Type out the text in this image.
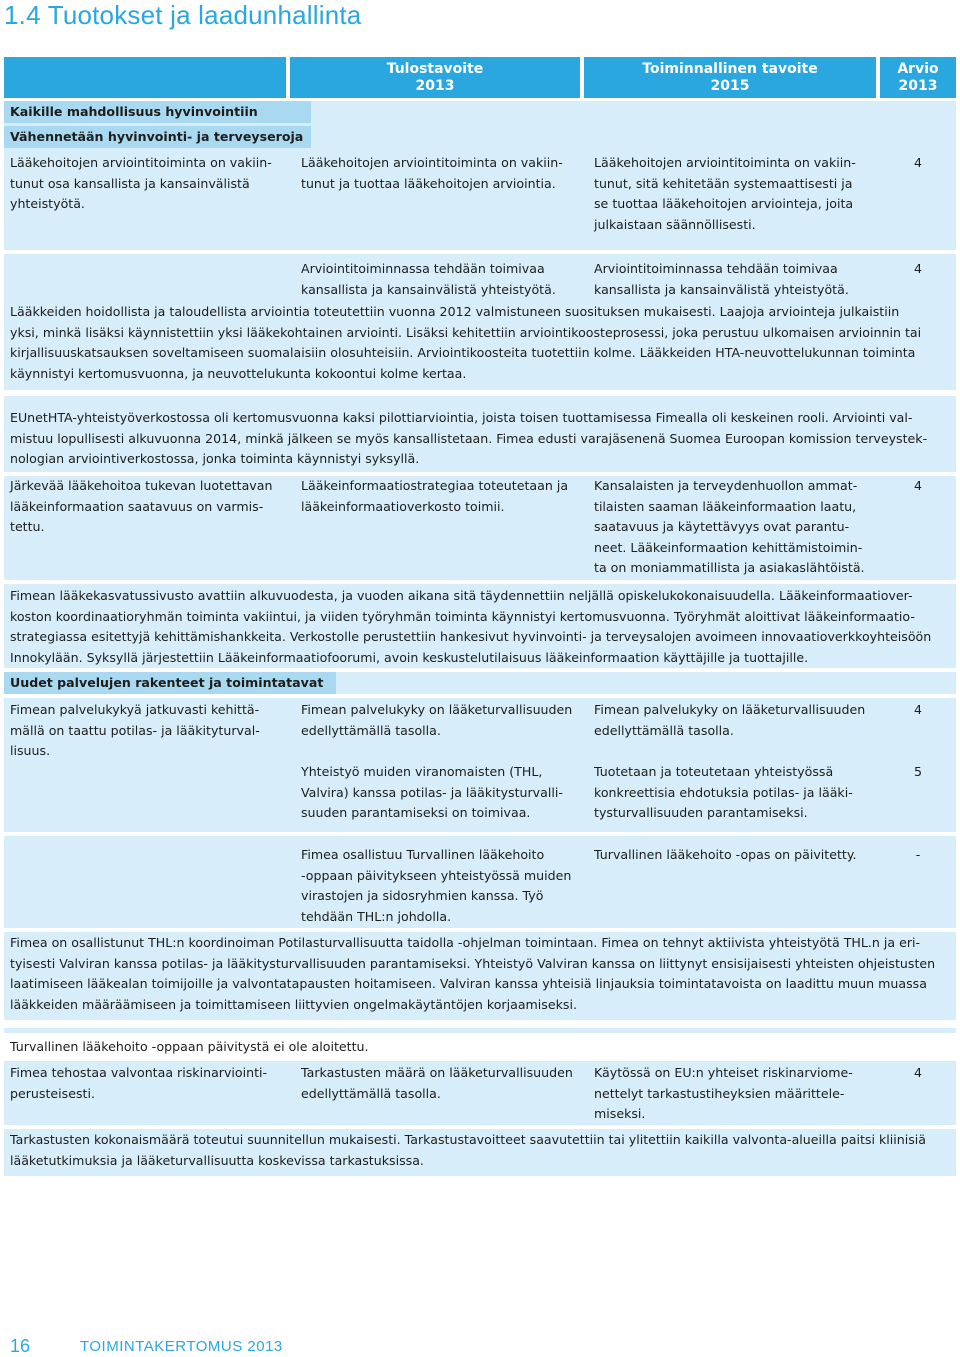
1.4 Tuotokset ja laadunhallinta
Tulostavoite
2013
Toiminnallinen tavoite
2015
Arvio
2013
Kaikille mahdollisuus hyvinvointiin
Vähennetään hyvinvointi- ja terveyseroja
Lääkehoitojen arviointitoiminta on vakiin-
tunut osa kansallista ja kansainvälistä
yhteistyötä.
Lääkehoitojen arviointitoiminta on vakiin-
tunut ja tuottaa lääkehoitojen arviointia.
Lääkehoitojen arviointitoiminta on vakiin-
tunut, sitä kehitetään systemaattisesti ja
se tuottaa lääkehoitojen arviointeja, joita
julkaistaan säännöllisesti.
4
Arviointitoiminnassa tehdään toimivaa
kansallista ja kansainvälistä yhteistyötä.
Arviointitoiminnassa tehdään toimivaa
kansallista ja kansainvälistä yhteistyötä.
4
Lääkkeiden hoidollista ja taloudellista arviointia toteutettiin vuonna 2012 valmistuneen suosituksen mukaisesti. Laajoja arviointeja julkaistiin
yksi, minkä lisäksi käynnistettiin yksi lääkekohtainen arviointi. Lisäksi kehitettiin arviointikoosteprosessi, joka perustuu ulkomaisen arvioinnin tai
kirjallisuuskatsauksen soveltamiseen suomalaisiin olosuhteisiin. Arviointikoosteita tuotettiin kolme. Lääkkeiden HTA-neuvottelukunnan toiminta
käynnistyi kertomusvuonna, ja neuvottelukunta kokoontui kolme kertaa.
EUnetHTA-yhteistyöverkostossa oli kertomusvuonna kaksi pilottiarviointia, joista toisen tuottamisessa Fimealla oli keskeinen rooli. Arviointi val-
mistuu lopullisesti alkuvuonna 2014, minkä jälkeen se myös kansallistetaan. Fimea edusti varajäsenenä Suomea Euroopan komission terveystek-
nologian arviointiverkostossa, jonka toiminta käynnistyi syksyllä.
Järkevää lääkehoitoa tukevan luotettavan
lääkeinformaation saatavuus on varmis-
tettu.
Lääkeinformaatiostrategiaa toteutetaan ja
lääkeinformaatioverkosto toimii.
Kansalaisten ja terveydenhuollon ammat-
tilaisten saaman lääkeinformaation laatu,
saatavuus ja käytettävyys ovat parantu-
neet. Lääkeinformaation kehittämistoimin-
ta on moniammatillista ja asiakaslähtöistä.
4
Fimean lääkekasvatussivusto avattiin alkuvuodesta, ja vuoden aikana sitä täydennettiin neljällä opiskelukokonaisuudella. Lääkeinformaatiover-
koston koordinaatioryhmän toiminta vakiintui, ja viiden työryhmän toiminta käynnistyi kertomusvuonna. Työryhmät aloittivat lääkeinformaatio-
strategiassa esitettyjä kehittämishankkeita. Verkostolle perustettiin hankesivut hyvinvointi- ja terveysalojen avoimeen innovaatioverkkoyhteisöön
Innokylään. Syksyllä järjestettiin Lääkeinformaatiofoorumi, avoin keskustelutilaisuus lääkeinformaation käyttäjille ja tuottajille.
Uudet palvelujen rakenteet ja toimintatavat
Fimean palvelukykyä jatkuvasti kehittä-
mällä on taattu potilas- ja lääkityturval-
lisuus.
Fimean palvelukyky on lääketurvallisuuden
edellyttämällä tasolla.
Fimean palvelukyky on lääketurvallisuuden
edellyttämällä tasolla.
4
Yhteistyö muiden viranomaisten (THL,
Valvira) kanssa potilas- ja lääkitysturvalli-
suuden parantamiseksi on toimivaa.
Tuotetaan ja toteutetaan yhteistyössä
konkreettisia ehdotuksia potilas- ja lääki-
tysturvallisuuden parantamiseksi.
5
Fimea osallistuu Turvallinen lääkehoito
-oppaan päivitykseen yhteistyössä muiden
virastojen ja sidosryhmien kanssa. Työ
tehdään THL:n johdolla.
Turvallinen lääkehoito -opas on päivitetty.	-
Fimea on osallistunut THL:n koordinoiman Potilasturvallisuutta taidolla -ohjelman toimintaan. Fimea on tehnyt aktiivista yhteistyötä THL.n ja eri-
tyisesti Valviran kanssa potilas- ja lääkitysturvallisuuden parantamiseksi. Yhteistyö Valviran kanssa on liittynyt ensisijaisesti yhteisten ohjeistusten
laatimiseen lääkealan toimijoille ja valvontatapausten hoitamiseen. Valviran kanssa yhteisiä linjauksia toimintatavoista on laadittu muun muassa
lääkkeiden määräämiseen ja toimittamiseen liittyvien ongelmakäytäntöjen korjaamiseksi.
Turvallinen lääkehoito -oppaan päivitystä ei ole aloitettu.
Fimea tehostaa valvontaa riskinarviointi-
perusteisesti.
Tarkastusten määrä on lääketurvallisuuden
edellyttämällä tasolla.
Käytössä on EU:n yhteiset riskinarviome-
nettelyt tarkastustiheyksien määrittele-
miseksi.
4
Tarkastusten kokonaismäärä toteutui suunnitellun mukaisesti. Tarkastustavoitteet saavutettiin tai ylitettiin kaikilla valvonta-alueilla paitsi kliinisiä
lääketutkimuksia ja lääketurvallisuutta koskevissa tarkastuksissa.
16	TOIMINTAKERTOMUS 2013
